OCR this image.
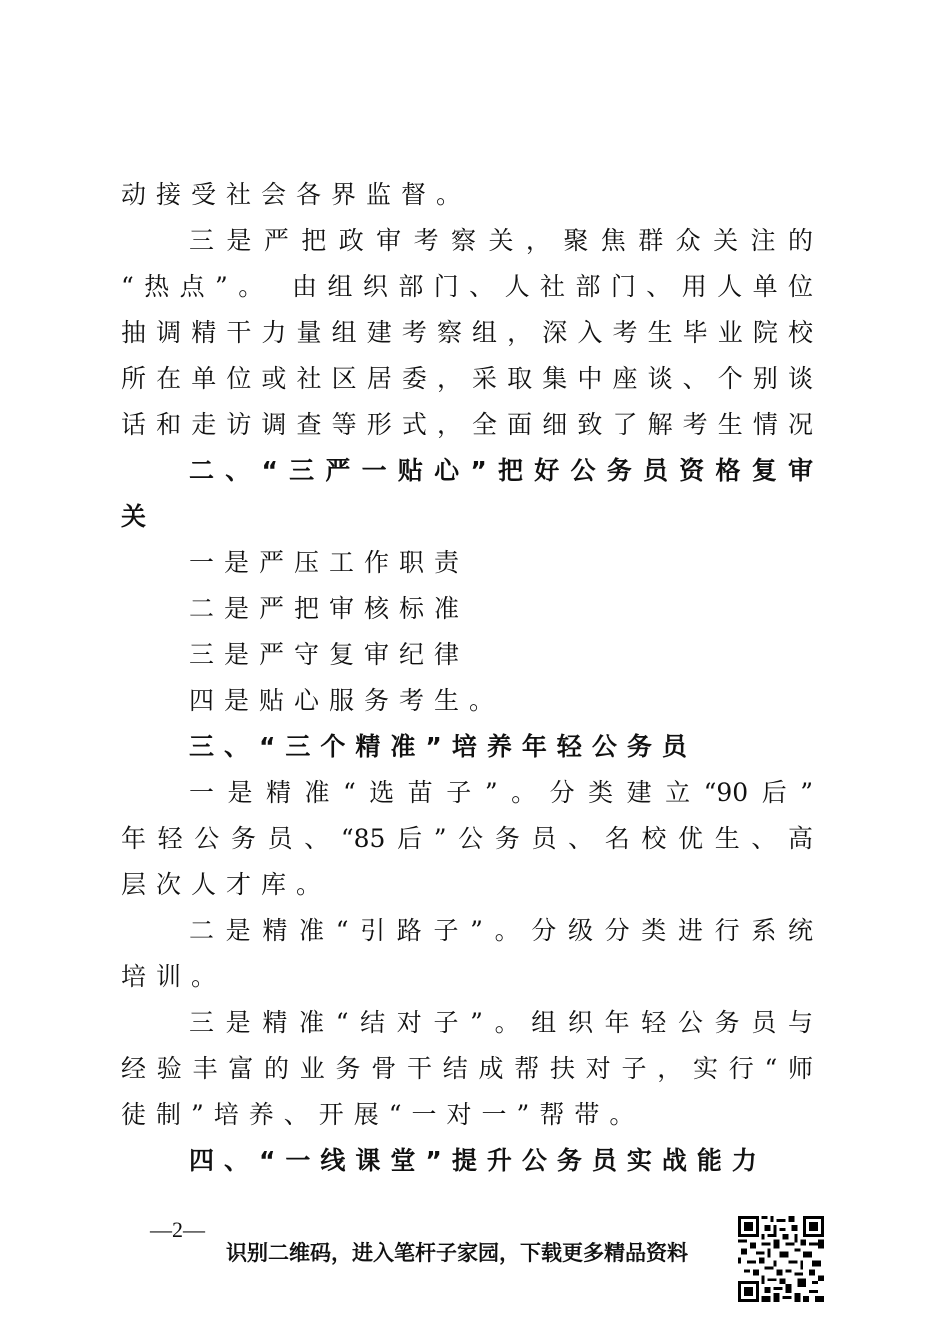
动接受社会各界监督。
三是严把政审考察关，聚焦群众关注的
“热点”。 由组织部门、人社部门、用人单位
抽调精干力量组建考察组，深入考生毕业院校
所在单位或社区居委，采取集中座谈、个别谈
话和走访调查等形式，全面细致了解考生情况
二、“三严一贴心”把好公务员资格复审
关
一是严压工作职责
二是严把审核标准
三是严守复审纪律
四是贴心服务考生。
三、“三个精准”培养年轻公务员
一是精准“选苗子”。分类建立“90后”
年轻公务员、“85后”公务员、名校优生、高
层次人才库。
二是精准“引路子”。分级分类进行系统
培训。
三是精准“结对子”。组织年轻公务员与
经验丰富的业务骨干结成帮扶对子，实行“师
徒制”培养、开展“一对一”帮带。
四、“一线课堂”提升公务员实战能力
—2—
识别二维码，进入笔杆子家园，下载更多精品资料
